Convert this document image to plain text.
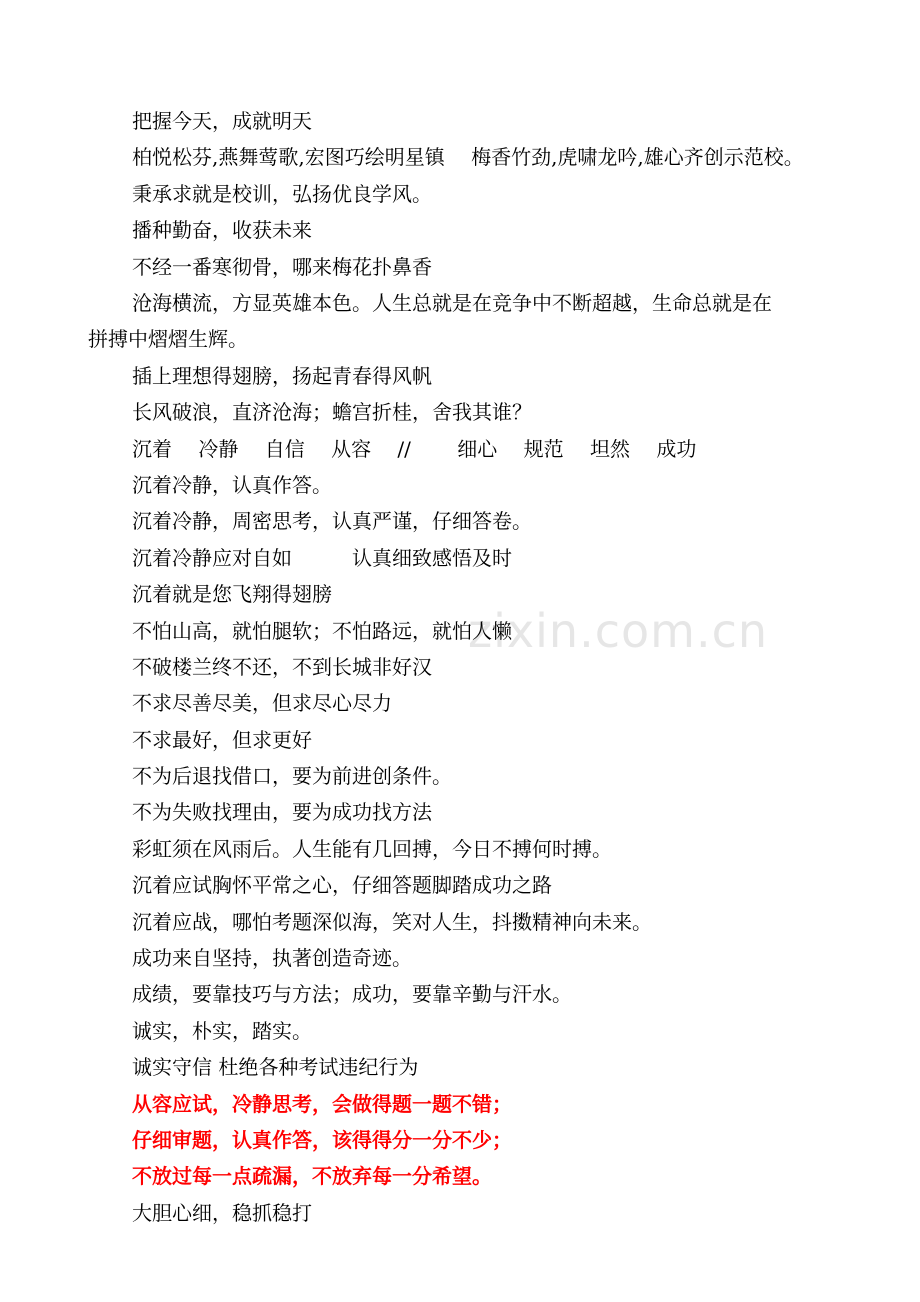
zixin.com.cn
把握今天，成就明天
柏悦松芬,燕舞莺歌,宏图巧绘明星镇　 梅香竹劲,虎啸龙吟,雄心齐创示范校。
秉承求就是校训，弘扬优良学风。
播种勤奋，收获未来
不经一番寒彻骨，哪来梅花扑鼻香
沧海横流，方显英雄本色。人生总就是在竞争中不断超越，生命总就是在拼搏中熠熠生辉。
插上理想得翅膀，扬起青春得风帆
长风破浪，直济沧海；蟾宫折桂，舍我其谁？
沉着　 冷静　 自信　 从容　 //　 　细心　 规范　 坦然　 成功
沉着冷静，认真作答。
沉着冷静，周密思考，认真严谨，仔细答卷。
沉着冷静应对自如　　　认真细致感悟及时
沉着就是您飞翔得翅膀
不怕山高，就怕腿软；不怕路远，就怕人懒
不破楼兰终不还，不到长城非好汉
不求尽善尽美，但求尽心尽力
不求最好，但求更好
不为后退找借口，要为前进创条件。
不为失败找理由，要为成功找方法
彩虹须在风雨后。人生能有几回搏，今日不搏何时搏。
沉着应试胸怀平常之心，仔细答题脚踏成功之路
沉着应战，哪怕考题深似海，笑对人生，抖擞精神向未来。
成功来自坚持，执著创造奇迹。
成绩，要靠技巧与方法；成功，要靠辛勤与汗水。
诚实，朴实，踏实。
诚实守信 杜绝各种考试违纪行为
从容应试，冷静思考，会做得题一题不错；
仔细审题，认真作答，该得得分一分不少；
不放过每一点疏漏，不放弃每一分希望。
大胆心细，稳抓稳打
